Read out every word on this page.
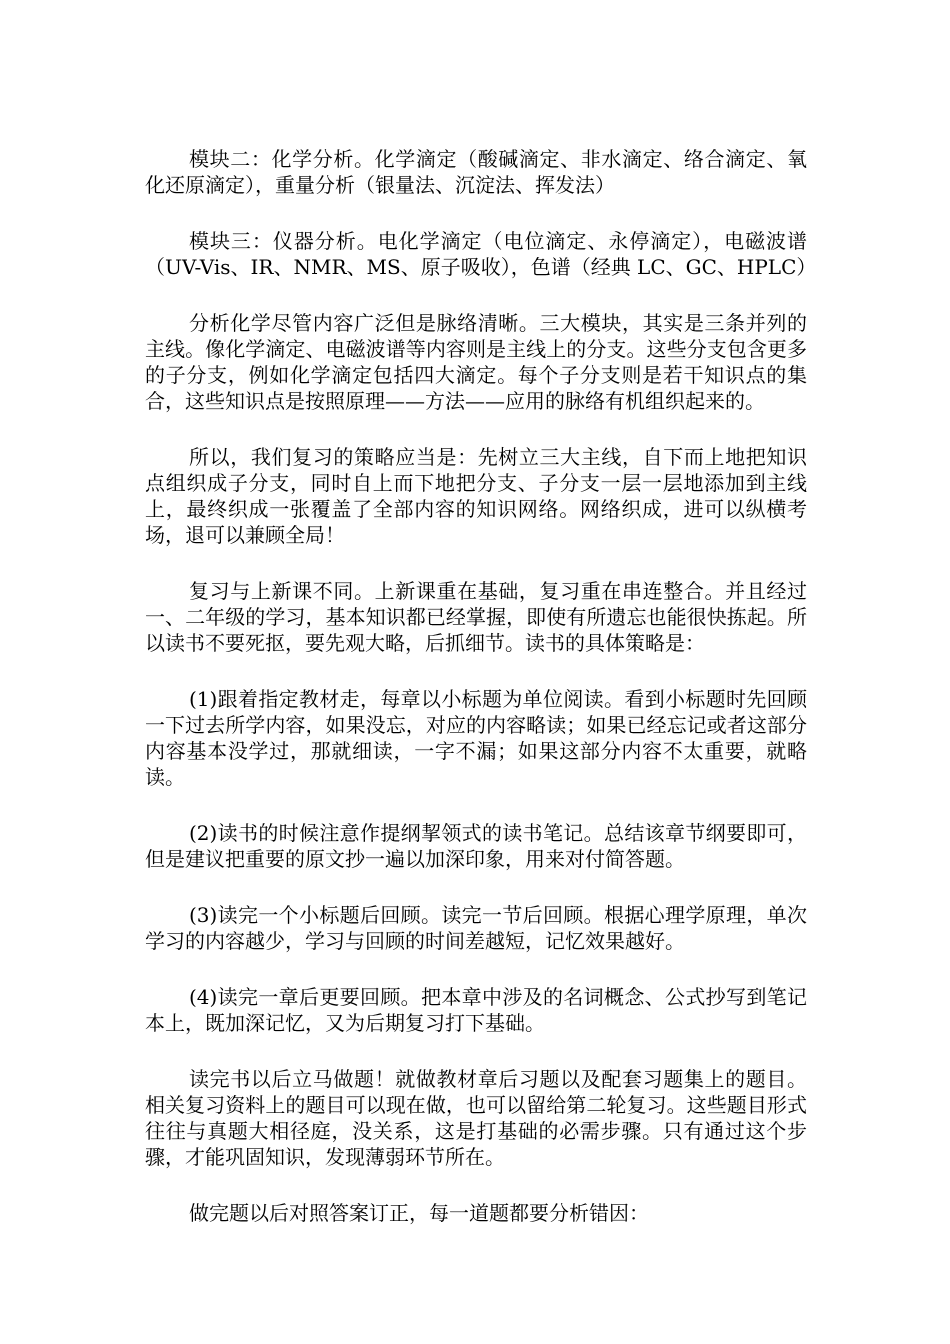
模块二：化学分析。化学滴定（酸碱滴定、非水滴定、络合滴定、氧化还原滴定），重量分析（银量法、沉淀法、挥发法）

模块三：仪器分析。电化学滴定（电位滴定、永停滴定），电磁波谱（UV-Vis、IR、NMR、MS、原子吸收），色谱（经典 LC、GC、HPLC）

分析化学尽管内容广泛但是脉络清晰。三大模块，其实是三条并列的主线。像化学滴定、电磁波谱等内容则是主线上的分支。这些分支包含更多的子分支，例如化学滴定包括四大滴定。每个子分支则是若干知识点的集合，这些知识点是按照原理——方法——应用的脉络有机组织起来的。

所以，我们复习的策略应当是：先树立三大主线，自下而上地把知识点组织成子分支，同时自上而下地把分支、子分支一层一层地添加到主线上，最终织成一张覆盖了全部内容的知识网络。网络织成，进可以纵横考场，退可以兼顾全局！

复习与上新课不同。上新课重在基础，复习重在串连整合。并且经过一、二年级的学习，基本知识都已经掌握，即使有所遗忘也能很快拣起。所以读书不要死抠，要先观大略，后抓细节。读书的具体策略是：

(1)跟着指定教材走，每章以小标题为单位阅读。看到小标题时先回顾一下过去所学内容，如果没忘，对应的内容略读；如果已经忘记或者这部分内容基本没学过，那就细读，一字不漏；如果这部分内容不太重要，就略读。

(2)读书的时候注意作提纲挈领式的读书笔记。总结该章节纲要即可，但是建议把重要的原文抄一遍以加深印象，用来对付简答题。

(3)读完一个小标题后回顾。读完一节后回顾。根据心理学原理，单次学习的内容越少，学习与回顾的时间差越短，记忆效果越好。

(4)读完一章后更要回顾。把本章中涉及的名词概念、公式抄写到笔记本上，既加深记忆，又为后期复习打下基础。

读完书以后立马做题！就做教材章后习题以及配套习题集上的题目。相关复习资料上的题目可以现在做，也可以留给第二轮复习。这些题目形式往往与真题大相径庭，没关系，这是打基础的必需步骤。只有通过这个步骤，才能巩固知识，发现薄弱环节所在。

做完题以后对照答案订正，每一道题都要分析错因：
